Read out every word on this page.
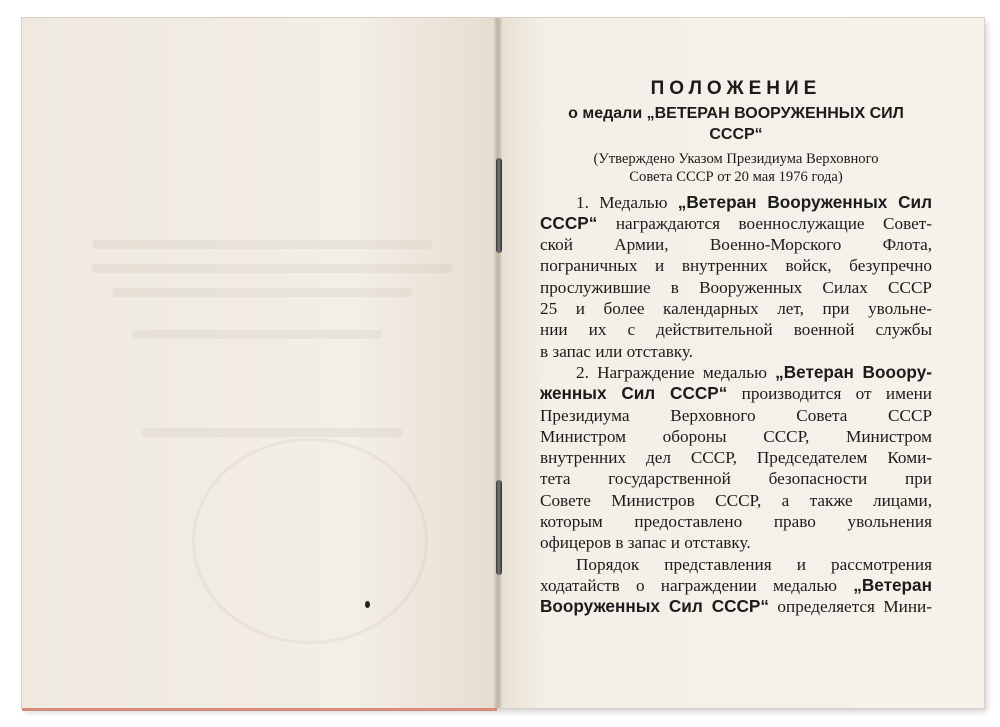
ПОЛОЖЕНИЕ

о медали „ВЕТЕРАН ВООРУЖЕННЫХ СИЛ

СССР“

(Утверждено Указом Президиума Верховного
Совета СССР от 20 мая 1976 года)

1. Медалью „Ветеран Вооруженных Сил

СССР“ награждаются военнослужащие Совет-

ской Армии, Военно-Морского Флота,

пограничных и внутренних войск, безупречно

прослужившие в Вооруженных Силах СССР

25 и более календарных лет, при увольне-

нии их с действительной военной службы

в запас или отставку.

2. Награждение медалью „Ветеран Вооору-

женных Сил СССР“ производится от имени

Президиума Верховного Совета СССР

Министром обороны СССР, Министром

внутренних дел СССР, Председателем Коми-

тета государственной безопасности при

Совете Министров СССР, а также лицами,

которым предоставлено право увольнения

офицеров в запас и отставку.

Порядок представления и рассмотрения

ходатайств о награждении медалью „Ветеран

Вооруженных Сил СССР“ определяется Мини-
